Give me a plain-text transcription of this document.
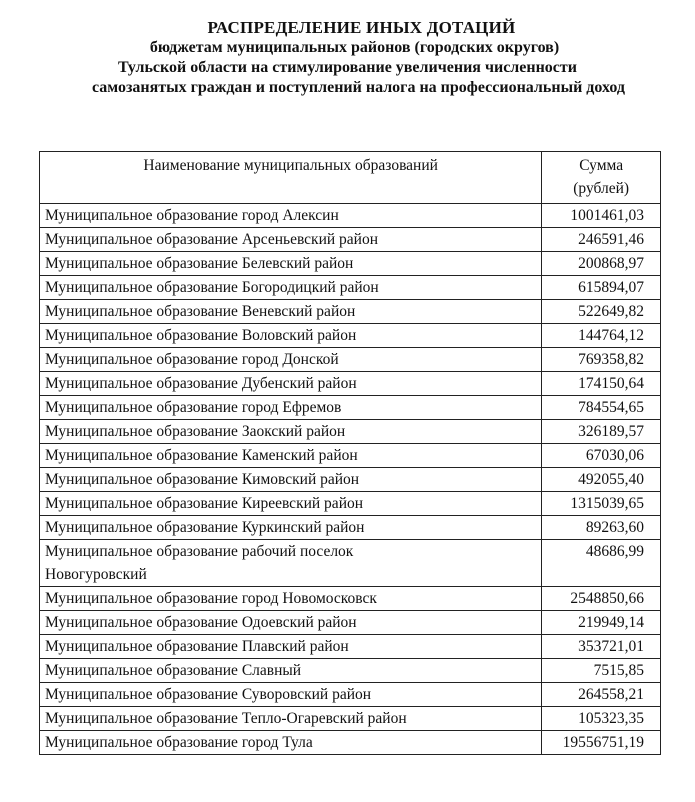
РАСПРЕДЕЛЕНИЕ ИНЫХ ДОТАЦИЙ
бюджетам муниципальных районов (городских округов)
Тульской области на стимулирование увеличения численности
самозанятых граждан и поступлений налога на профессиональный доход
Наименование муниципальных образований	Сумма
(рублей)
Муниципальное образование город Алексин	1001461,03
Муниципальное образование Арсеньевский район	246591,46
Муниципальное образование Белевский район	200868,97
Муниципальное образование Богородицкий район	615894,07
Муниципальное образование Веневский район	522649,82
Муниципальное образование Воловский район	144764,12
Муниципальное образование город Донской	769358,82
Муниципальное образование Дубенский район	174150,64
Муниципальное образование город Ефремов	784554,65
Муниципальное образование Заокский район	326189,57
Муниципальное образование Каменский район	67030,06
Муниципальное образование Кимовский район	492055,40
Муниципальное образование Киреевский район	1315039,65
Муниципальное образование Куркинский район	89263,60

Муниципальное образование рабочий поселок Новогуровский	48686,99
Муниципальное образование город Новомосковск	2548850,66
Муниципальное образование Одоевский район	219949,14
Муниципальное образование Плавский район	353721,01
Муниципальное образование Славный	7515,85
Муниципальное образование Суворовский район	264558,21
Муниципальное образование Тепло-Огаревский район	105323,35
Муниципальное образование город Тула	19556751,19
